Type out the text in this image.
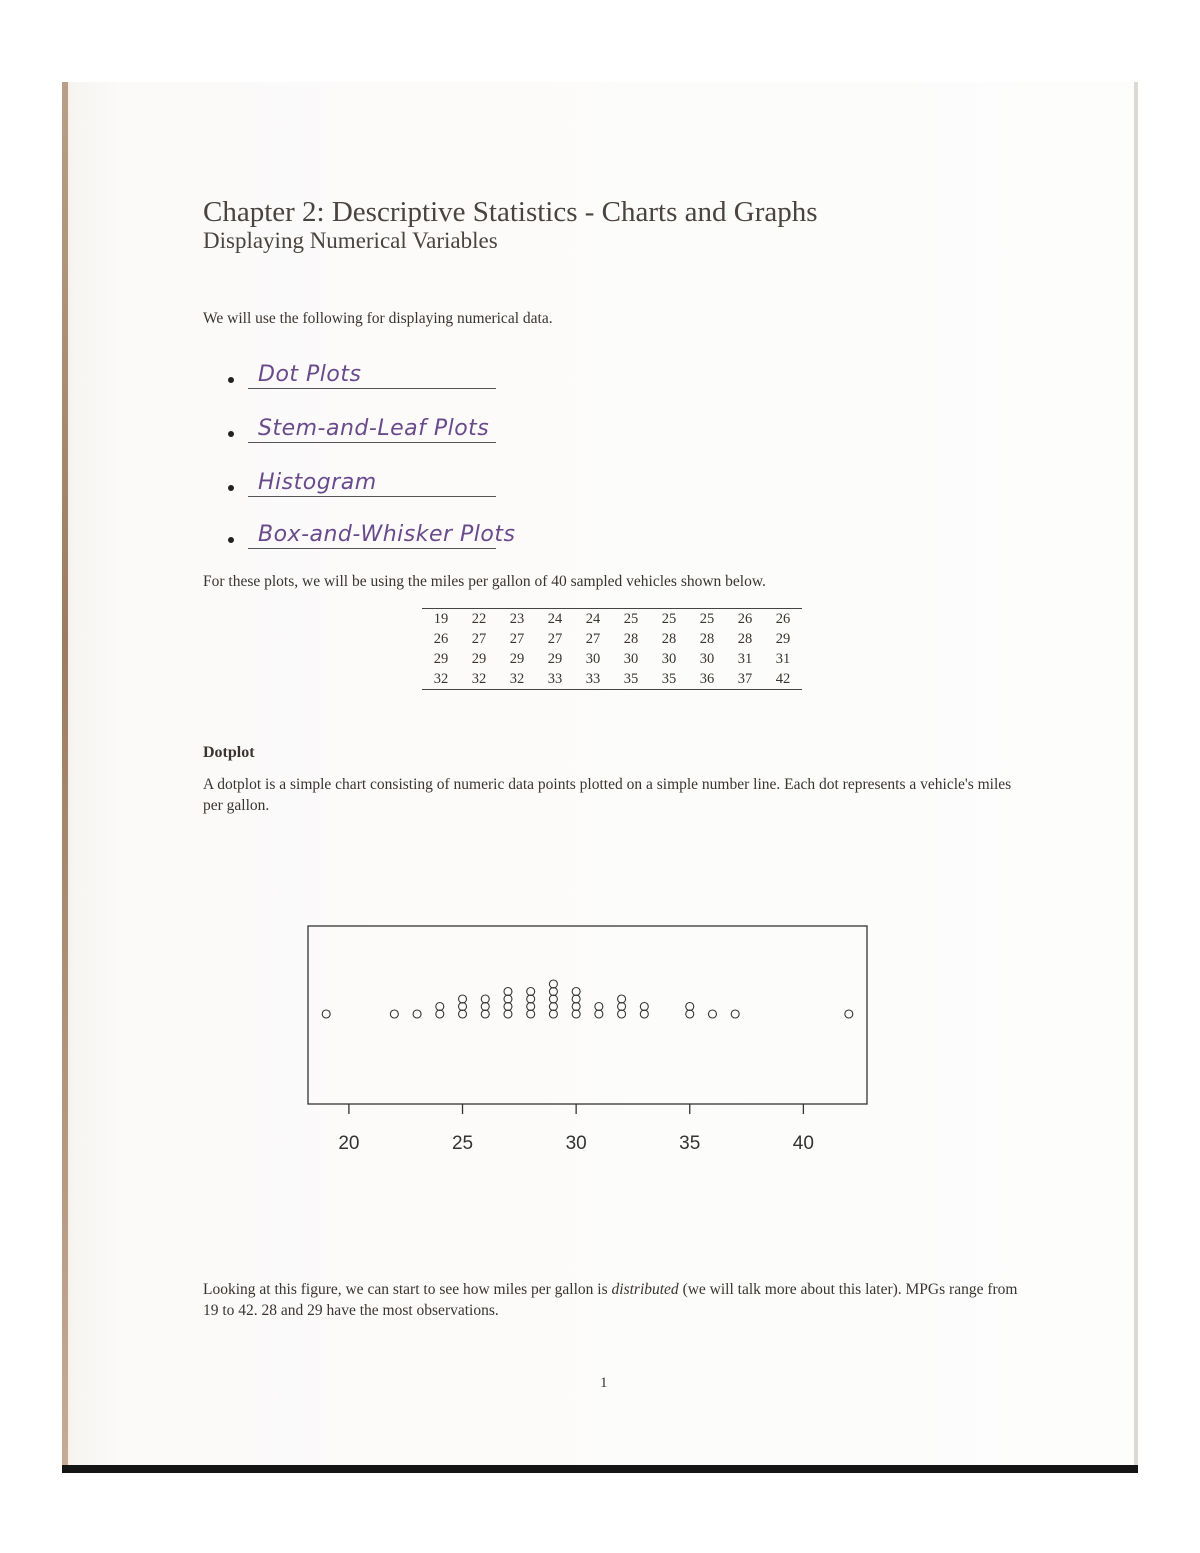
Chapter 2: Descriptive Statistics - Charts and Graphs
Displaying Numerical Variables
We will use the following for displaying numerical data.
Dot Plots
Stem-and-Leaf Plots
Histogram
Box-and-Whisker Plots
For these plots, we will be using the miles per gallon of 40 sampled vehicles shown below.
19	22	23	24	24	25	25	25	26	26
26	27	27	27	27	28	28	28	28	29
29	29	29	29	30	30	30	30	31	31
32	32	32	33	33	35	35	36	37	42
Dotplot
A dotplot is a simple chart consisting of numeric data points plotted on a simple number line. Each dot represents a vehicle's miles per gallon.
20	25	30	35	40
Looking at this figure, we can start to see how miles per gallon is distributed (we will talk more about this later). MPGs range from 19 to 42. 28 and 29 have the most observations.
1
